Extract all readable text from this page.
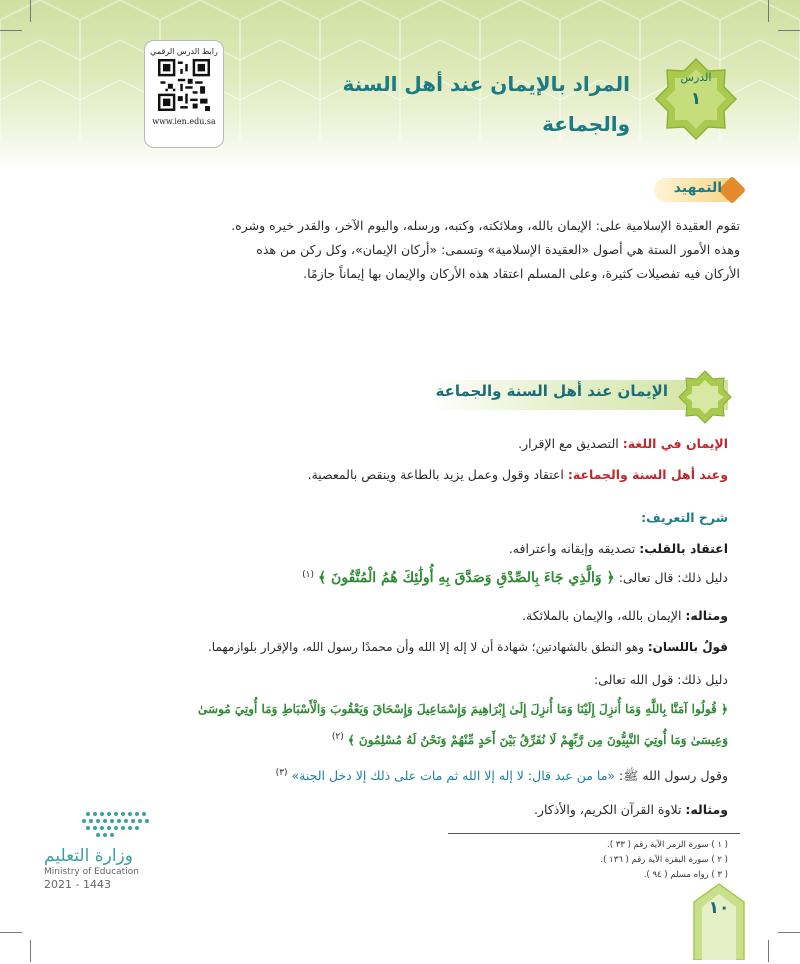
رابط الدرس الرقمي
www.ien.edu.sa
المراد بالإيمان عند أهل السنة والجماعة
الدرس
١
التمهيد
تقوم العقيدة الإسلامية على: الإيمان بالله، وملائكته، وكتبه، ورسله، واليوم الآخر، والقدر خيره وشره.
وهذه الأمور الستة هي أصول «العقيدة الإسلامية» وتسمى: «أركان الإيمان»، وكل ركن من هذه
الأركان فيه تفصيلات كثيرة، وعلى المسلم اعتقاد هذه الأركان والإيمان بها إيماناً جازمًا.
الإيمان عند أهل السنة والجماعة
الإيمان في اللغة: التصديق مع الإقرار.
وعند أهل السنة والجماعة: اعتقاد وقول وعمل يزيد بالطاعة وينقص بالمعصية.
شرح التعريف:
اعتقاد بالقلب: تصديقه وإيقانه واعترافه.
دليل ذلك: قال تعالى: ﴿ وَالَّذِي جَاءَ بِالصِّدْقِ وَصَدَّقَ بِهِ أُولَٰئِكَ هُمُ الْمُتَّقُونَ ﴾ $^{(١)}$
ومثاله: الإيمان بالله، والإيمان بالملائكة.
قولٌ باللسان: وهو النطق بالشهادتين؛ شهادة أن لا إله إلا الله وأن محمدًا رسول الله، والإقرار بلوازمهما.
دليل ذلك: قول الله تعالى:
﴿ قُولُوا آمَنَّا بِاللَّهِ وَمَا أُنزِلَ إِلَيْنَا وَمَا أُنزِلَ إِلَىٰ إِبْرَاهِيمَ وَإِسْمَاعِيلَ وَإِسْحَاقَ وَيَعْقُوبَ وَالْأَسْبَاطِ وَمَا أُوتِيَ مُوسَىٰ
وَعِيسَىٰ وَمَا أُوتِيَ النَّبِيُّونَ مِن رَّبِّهِمْ لَا نُفَرِّقُ بَيْنَ أَحَدٍ مِّنْهُمْ وَنَحْنُ لَهُ مُسْلِمُونَ ﴾ $^{(٢)}$
وقول رسول الله ﷺ: «ما من عبد قال: لا إله إلا الله ثم مات على ذلك إلا دخل الجنة» $^{(٣)}$
ومثاله: تلاوة القرآن الكريم، والأذكار.
( ١ ) سورة الزمر الآية رقم ( ٣٣ ).
( ٢ ) سورة البقرة الآية رقم ( ١٣٦ ).
( ٣ ) رواه مسلم ( ٩٤ ).
وزارة التعليم
Ministry of Education
2021 - 1443
١٠
